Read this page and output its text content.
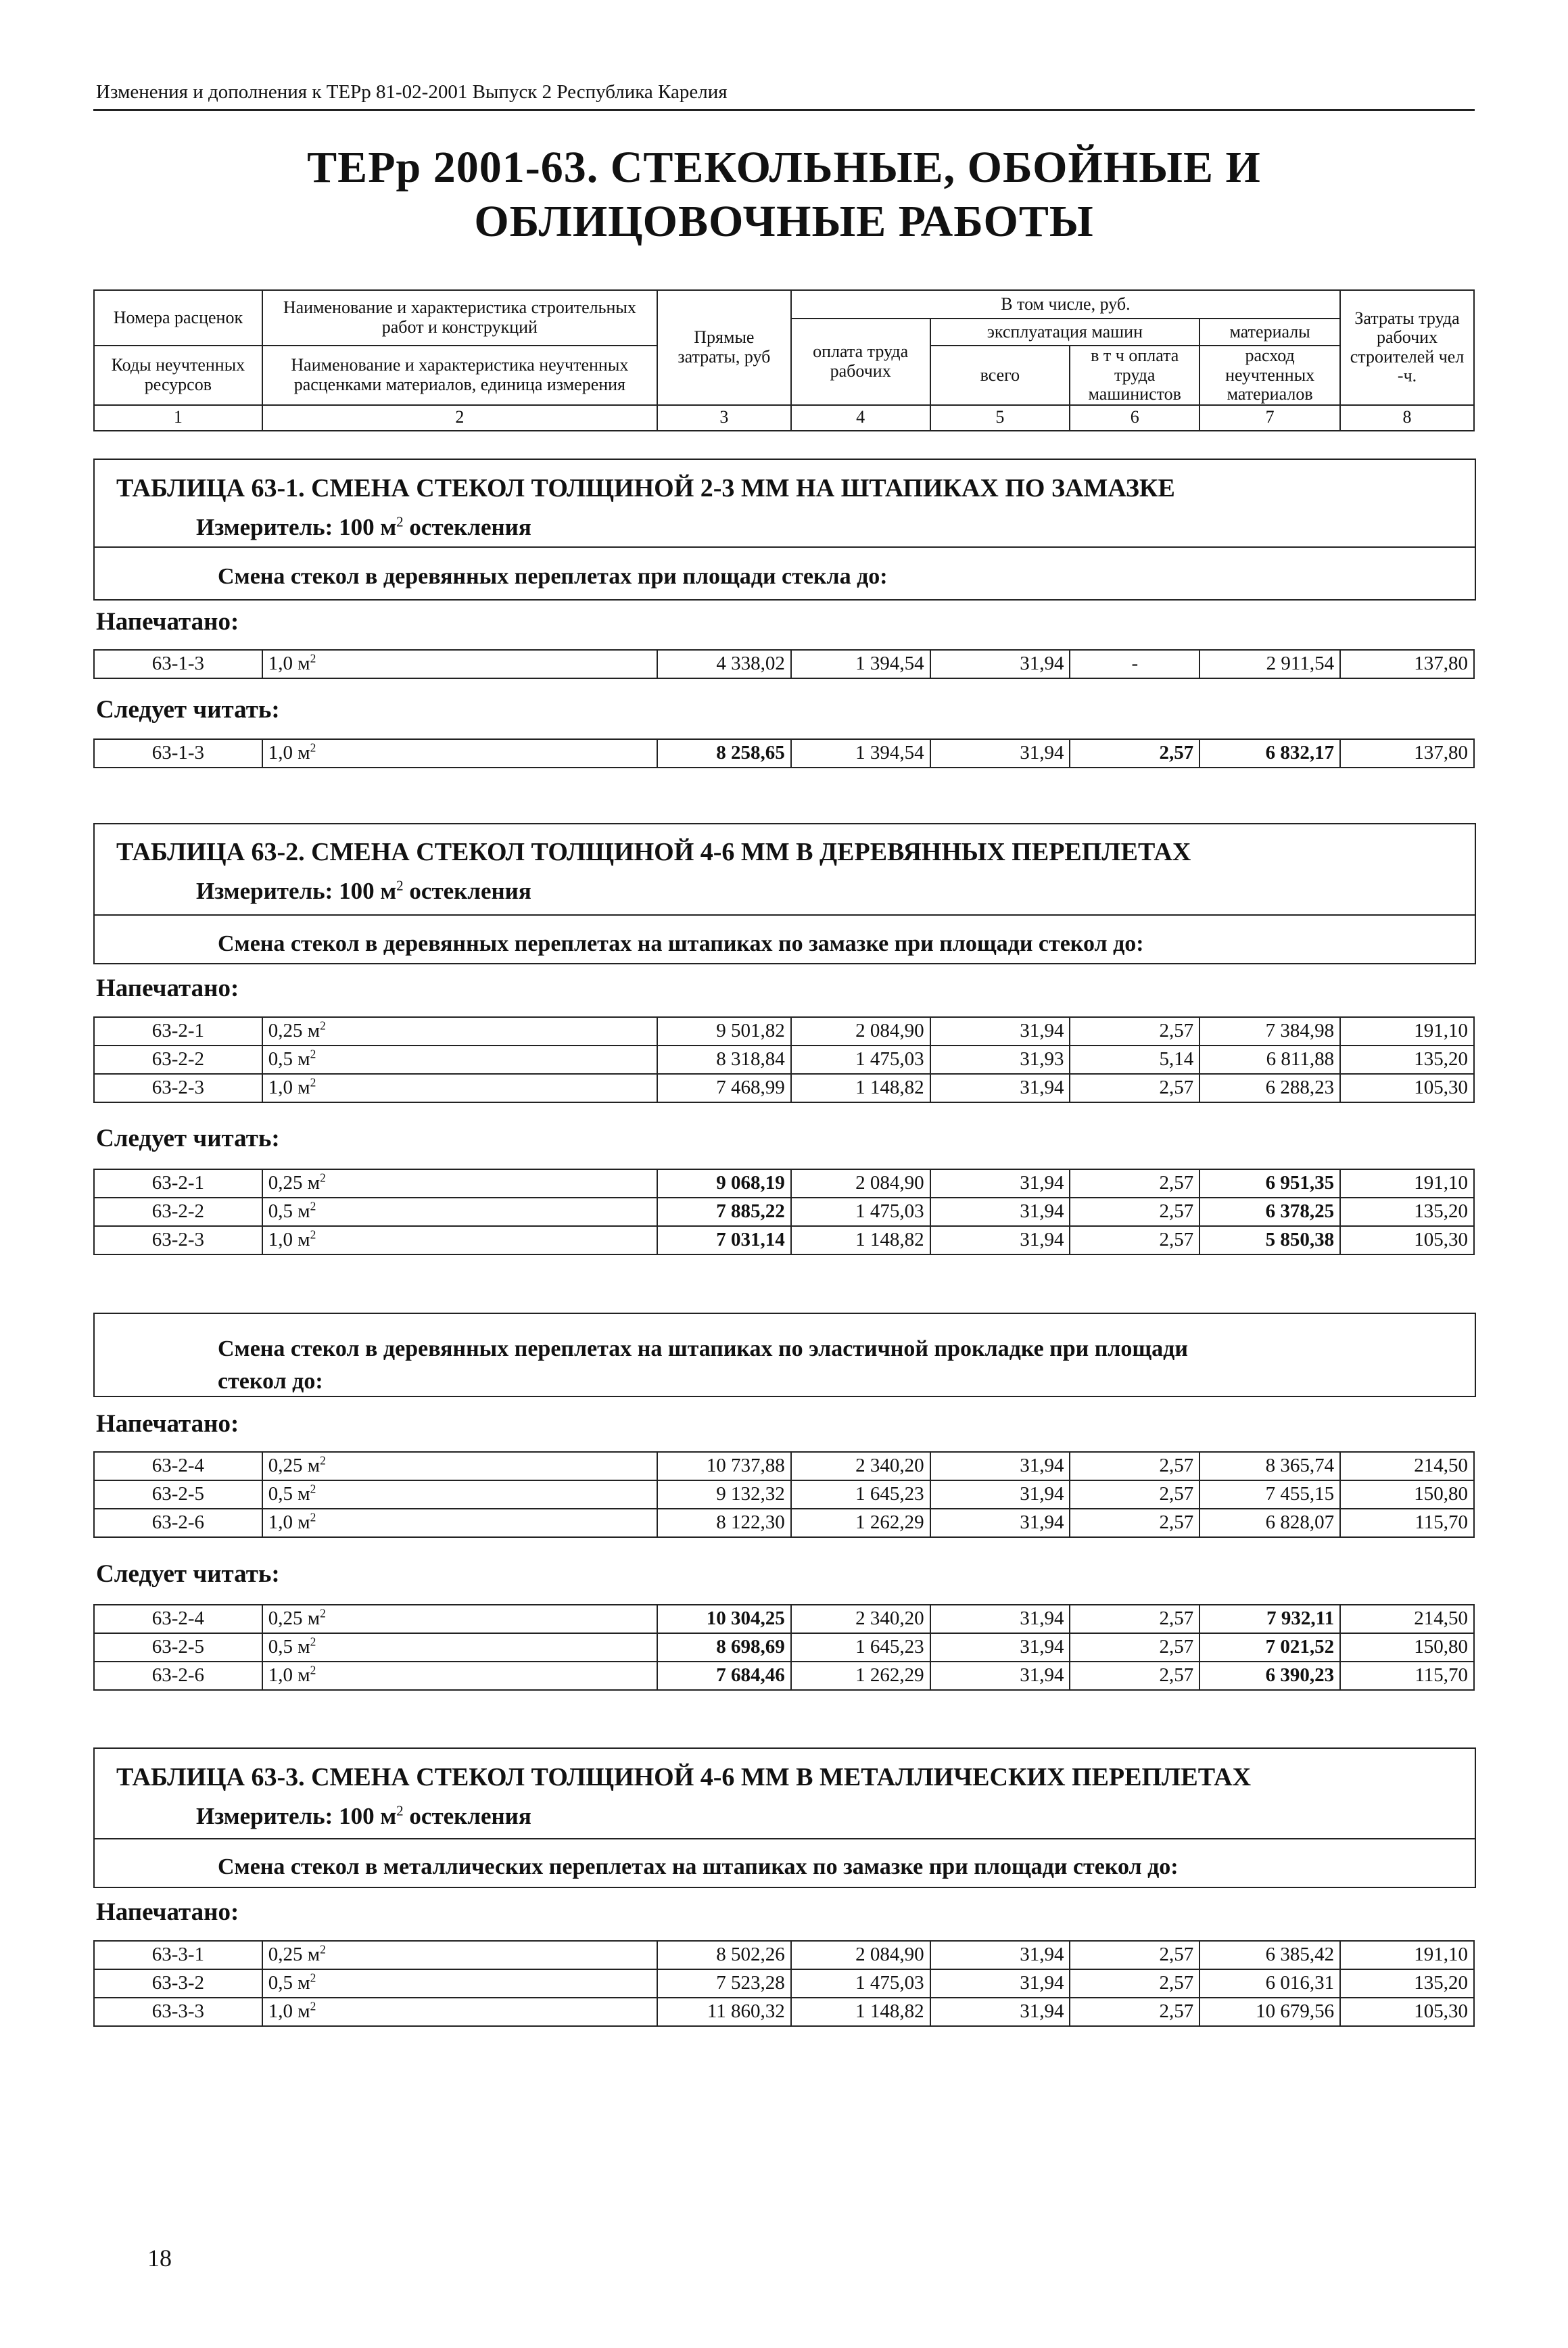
Изменения и дополнения к ТЕРр 81-02-2001 Выпуск 2 Республика Карелия
ТЕРр 2001-63. СТЕКОЛЬНЫЕ, ОБОЙНЫЕ И
ОБЛИЦОВОЧНЫЕ РАБОТЫ
Номера расценок	Наименование и характеристика строительных работ и конструкций	Прямые затраты, руб	В том числе, руб.				Затраты труда рабочих строителей чел -ч.
			оплата труда рабочих	эксплуатация машин		материалы	
Коды неучтенных ресурсов	Наименование и характеристика неучтенных расценками материалов, единица измерения			всего	в т ч оплата труда машинистов	расход неучтенных материалов	

1	2	3	4	5	6	7	8
ТАБЛИЦА 63-1. СМЕНА СТЕКОЛ ТОЛЩИНОЙ 2-3 ММ НА ШТАПИКАХ ПО ЗАМАЗКЕ
Измеритель: 100 $м^2$ остекления
Смена стекол в деревянных переплетах при площади стекла до:
Напечатано:
63-1-3	1,0 $м^2$	4 338,02	1 394,54	31,94	-	2 911,54	137,80
Следует читать:
63-1-3	1,0 $м^2$	8 258,65	1 394,54	31,94	2,57	6 832,17	137,80
ТАБЛИЦА 63-2. СМЕНА СТЕКОЛ ТОЛЩИНОЙ 4-6 ММ В ДЕРЕВЯННЫХ ПЕРЕПЛЕТАХ
Измеритель: 100 $м^2$ остекления
Смена стекол в деревянных переплетах на штапиках по замазке при площади стекол до:
Напечатано:
63-2-1	0,25 $м^2$	9 501,82	2 084,90	31,94	2,57	7 384,98	191,10
63-2-2	0,5 $м^2$	8 318,84	1 475,03	31,93	5,14	6 811,88	135,20
63-2-3	1,0 $м^2$	7 468,99	1 148,82	31,94	2,57	6 288,23	105,30
Следует читать:
63-2-1	0,25 $м^2$	9 068,19	2 084,90	31,94	2,57	6 951,35	191,10
63-2-2	0,5 $м^2$	7 885,22	1 475,03	31,94	2,57	6 378,25	135,20
63-2-3	1,0 $м^2$	7 031,14	1 148,82	31,94	2,57	5 850,38	105,30
Смена стекол в деревянных переплетах на штапиках по эластичной прокладке при площади
стекол до:
Напечатано:
63-2-4	0,25 $м^2$	10 737,88	2 340,20	31,94	2,57	8 365,74	214,50
63-2-5	0,5 $м^2$	9 132,32	1 645,23	31,94	2,57	7 455,15	150,80
63-2-6	1,0 $м^2$	8 122,30	1 262,29	31,94	2,57	6 828,07	115,70
Следует читать:
63-2-4	0,25 $м^2$	10 304,25	2 340,20	31,94	2,57	7 932,11	214,50
63-2-5	0,5 $м^2$	8 698,69	1 645,23	31,94	2,57	7 021,52	150,80
63-2-6	1,0 $м^2$	7 684,46	1 262,29	31,94	2,57	6 390,23	115,70
ТАБЛИЦА 63-3. СМЕНА СТЕКОЛ ТОЛЩИНОЙ 4-6 ММ В МЕТАЛЛИЧЕСКИХ ПЕРЕПЛЕТАХ
Измеритель: 100 $м^2$ остекления
Смена стекол в металлических переплетах на штапиках по замазке при площади стекол до:
Напечатано:
63-3-1	0,25 $м^2$	8 502,26	2 084,90	31,94	2,57	6 385,42	191,10
63-3-2	0,5 $м^2$	7 523,28	1 475,03	31,94	2,57	6 016,31	135,20
63-3-3	1,0 $м^2$	11 860,32	1 148,82	31,94	2,57	10 679,56	105,30
18
